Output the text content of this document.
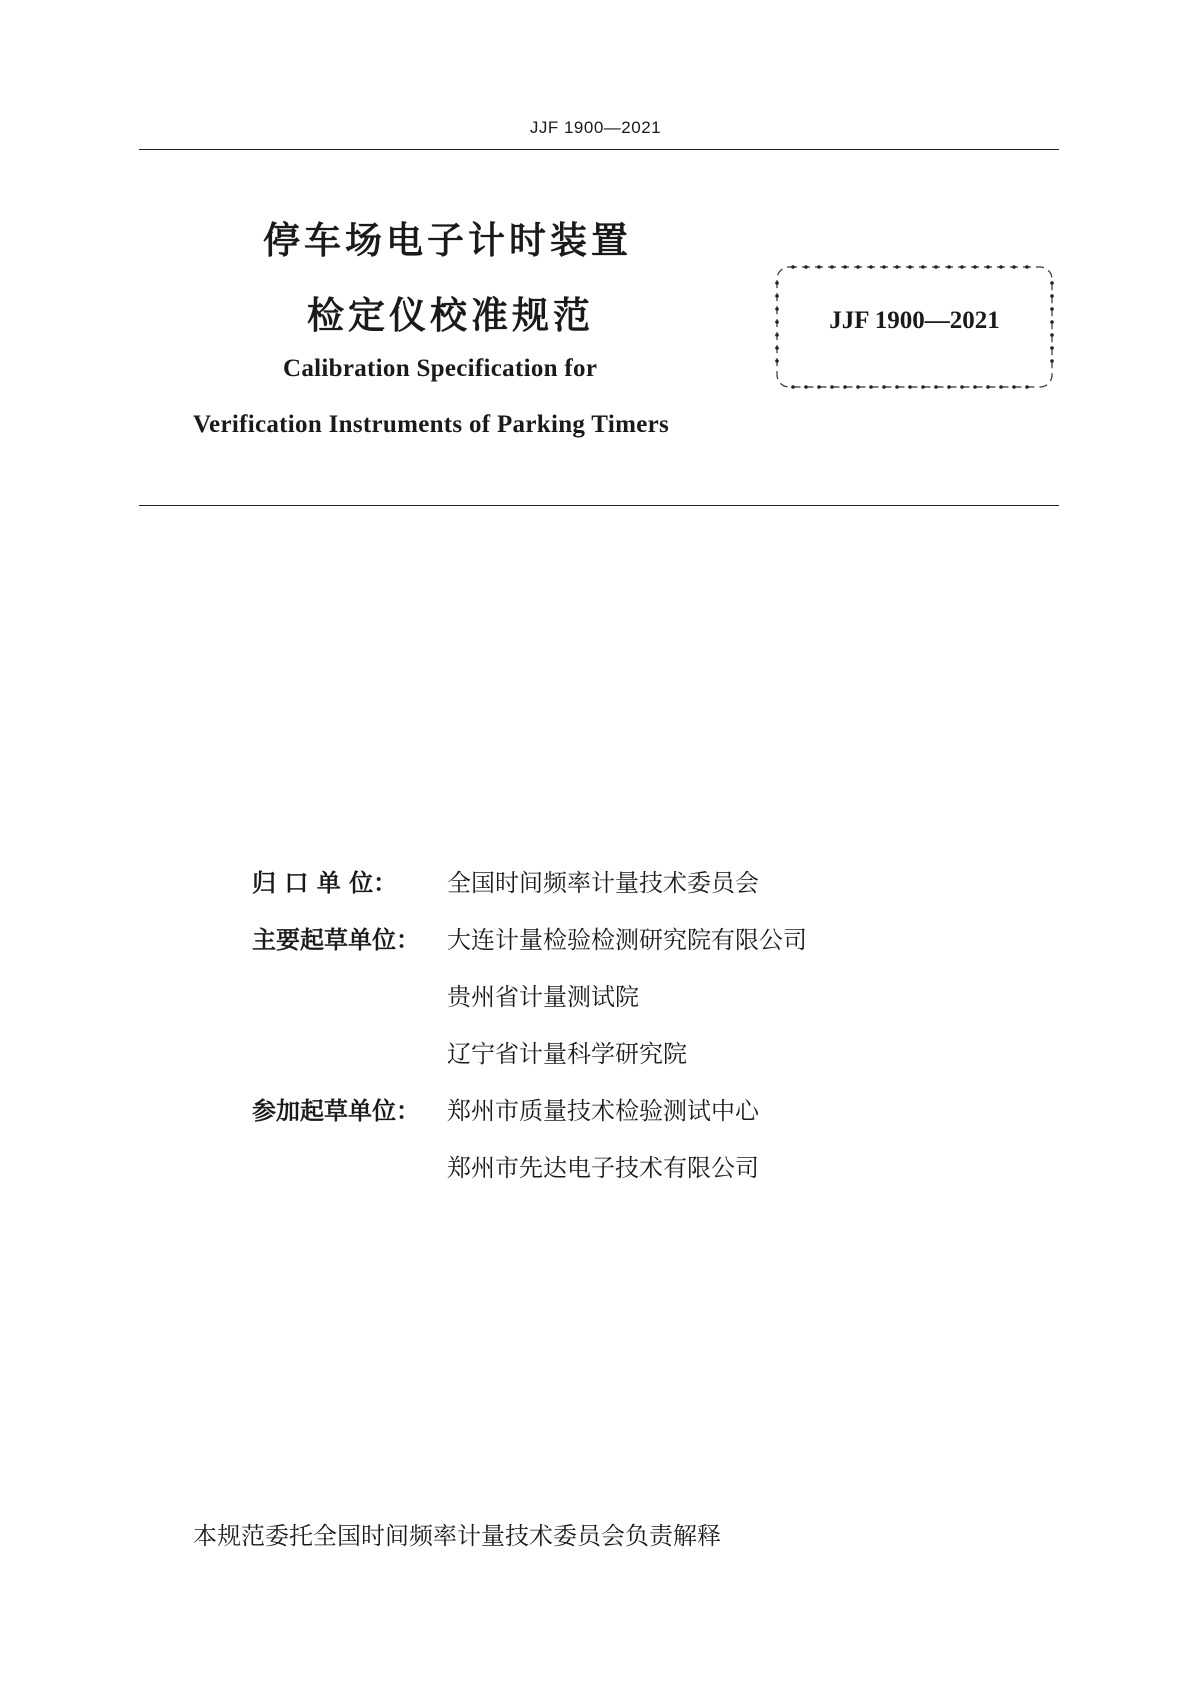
JJF 1900—2021
停车场电子计时装置
检定仪校准规范
Calibration Specification for
Verification Instruments of Parking Timers
JJF 1900—2021
归 口 单 位： 全国时间频率计量技术委员会
主要起草单位： 大连计量检验检测研究院有限公司
贵州省计量测试院
辽宁省计量科学研究院
参加起草单位： 郑州市质量技术检验测试中心
郑州市先达电子技术有限公司
本规范委托全国时间频率计量技术委员会负责解释
